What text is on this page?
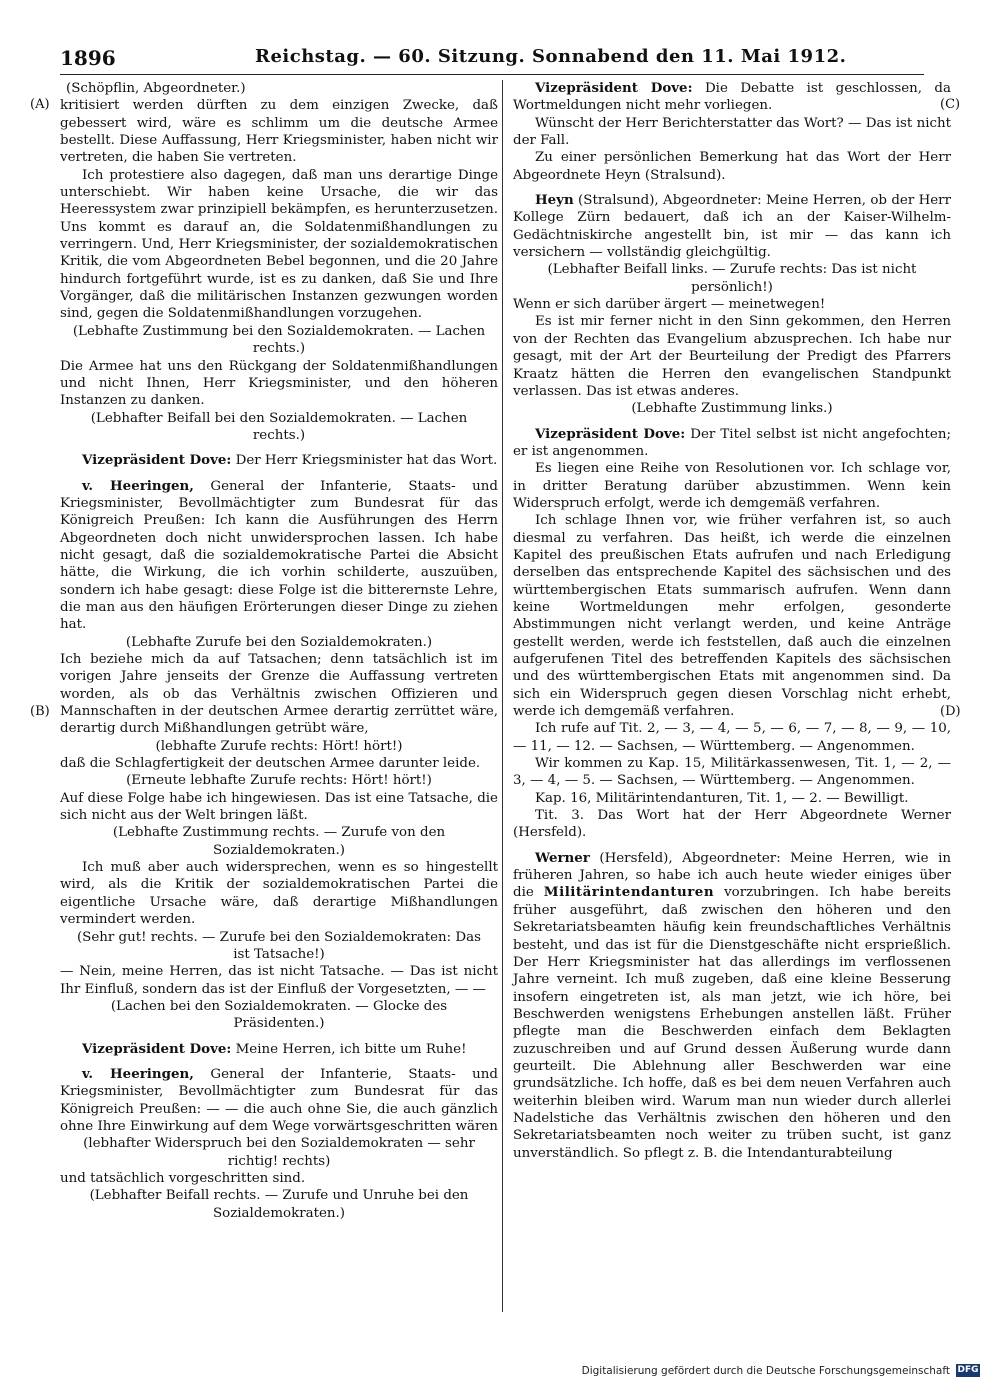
1896	Reichstag. — 60. Sitzung. Sonnabend den 11. Mai 1912.
(A)
(B)
(C)
(D)

(Schöpflin, Abgeordneter.)

kritisiert werden dürften zu dem einzigen Zwecke, daß gebessert wird, wäre es schlimm um die deutsche Armee bestellt. Diese Auffassung, Herr Kriegsminister, haben nicht wir vertreten, die haben Sie vertreten.

Ich protestiere also dagegen, daß man uns derartige Dinge unterschiebt. Wir haben keine Ursache, die wir das Heeressystem zwar prinzipiell bekämpfen, es herunterzusetzen. Uns kommt es darauf an, die Soldatenmißhandlungen zu verringern. Und, Herr Kriegsminister, der sozialdemokratischen Kritik, die vom Abgeordneten Bebel begonnen, und die 20 Jahre hindurch fortgeführt wurde, ist es zu danken, daß Sie und Ihre Vorgänger, daß die militärischen Instanzen gezwungen worden sind, gegen die Soldatenmißhandlungen vorzugehen.

(Lebhafte Zustimmung bei den Sozialdemokraten. — Lachen rechts.)

Die Armee hat uns den Rückgang der Soldatenmißhandlungen und nicht Ihnen, Herr Kriegsminister, und den höheren Instanzen zu danken.

(Lebhafter Beifall bei den Sozialdemokraten. — Lachen rechts.)

Vizepräsident Dove: Der Herr Kriegsminister hat das Wort.

v. Heeringen, General der Infanterie, Staats- und Kriegsminister, Bevollmächtigter zum Bundesrat für das Königreich Preußen: Ich kann die Ausführungen des Herrn Abgeordneten doch nicht unwidersprochen lassen. Ich habe nicht gesagt, daß die sozialdemokratische Partei die Absicht hätte, die Wirkung, die ich vorhin schilderte, auszuüben, sondern ich habe gesagt: diese Folge ist die bitterernste Lehre, die man aus den häufigen Erörterungen dieser Dinge zu ziehen hat.

(Lebhafte Zurufe bei den Sozialdemokraten.)

Ich beziehe mich da auf Tatsachen; denn tatsächlich ist im vorigen Jahre jenseits der Grenze die Auffassung vertreten worden, als ob das Verhältnis zwischen Offizieren und Mannschaften in der deutschen Armee derartig zerrüttet wäre, derartig durch Mißhandlungen getrübt wäre,

(lebhafte Zurufe rechts: Hört! hört!)

daß die Schlagfertigkeit der deutschen Armee darunter leide.

(Erneute lebhafte Zurufe rechts: Hört! hört!)

Auf diese Folge habe ich hingewiesen. Das ist eine Tatsache, die sich nicht aus der Welt bringen läßt.

(Lebhafte Zustimmung rechts. — Zurufe von den Sozialdemokraten.)

Ich muß aber auch widersprechen, wenn es so hingestellt wird, als die Kritik der sozialdemokratischen Partei die eigentliche Ursache wäre, daß derartige Mißhandlungen vermindert werden.

(Sehr gut! rechts. — Zurufe bei den Sozialdemokraten: Das ist Tatsache!)

— Nein, meine Herren, das ist nicht Tatsache. — Das ist nicht Ihr Einfluß, sondern das ist der Einfluß der Vorgesetzten, — —

(Lachen bei den Sozialdemokraten. — Glocke des Präsidenten.)

Vizepräsident Dove: Meine Herren, ich bitte um Ruhe!

v. Heeringen, General der Infanterie, Staats- und Kriegsminister, Bevollmächtigter zum Bundesrat für das Königreich Preußen: — — die auch ohne Sie, die auch gänzlich ohne Ihre Einwirkung auf dem Wege vorwärtsgeschritten wären

(lebhafter Widerspruch bei den Sozialdemokraten — sehr richtig! rechts)

und tatsächlich vorgeschritten sind.

(Lebhafter Beifall rechts. — Zurufe und Unruhe bei den Sozialdemokraten.)

Vizepräsident Dove: Die Debatte ist geschlossen, da Wortmeldungen nicht mehr vorliegen.

Wünscht der Herr Berichterstatter das Wort? — Das ist nicht der Fall.

Zu einer persönlichen Bemerkung hat das Wort der Herr Abgeordnete Heyn (Stralsund).

Heyn (Stralsund), Abgeordneter: Meine Herren, ob der Herr Kollege Zürn bedauert, daß ich an der Kaiser-Wilhelm-Gedächtniskirche angestellt bin, ist mir — das kann ich versichern — vollständig gleichgültig.

(Lebhafter Beifall links. — Zurufe rechts: Das ist nicht persönlich!)

Wenn er sich darüber ärgert — meinetwegen!

Es ist mir ferner nicht in den Sinn gekommen, den Herren von der Rechten das Evangelium abzusprechen. Ich habe nur gesagt, mit der Art der Beurteilung der Predigt des Pfarrers Kraatz hätten die Herren den evangelischen Standpunkt verlassen. Das ist etwas anderes.

(Lebhafte Zustimmung links.)

Vizepräsident Dove: Der Titel selbst ist nicht angefochten; er ist angenommen.

Es liegen eine Reihe von Resolutionen vor. Ich schlage vor, in dritter Beratung darüber abzustimmen. Wenn kein Widerspruch erfolgt, werde ich demgemäß verfahren.

Ich schlage Ihnen vor, wie früher verfahren ist, so auch diesmal zu verfahren. Das heißt, ich werde die einzelnen Kapitel des preußischen Etats aufrufen und nach Erledigung derselben das entsprechende Kapitel des sächsischen und des württembergischen Etats summarisch aufrufen. Wenn dann keine Wortmeldungen mehr erfolgen, gesonderte Abstimmungen nicht verlangt werden, und keine Anträge gestellt werden, werde ich feststellen, daß auch die einzelnen aufgerufenen Titel des betreffenden Kapitels des sächsischen und des württembergischen Etats mit angenommen sind. Da sich ein Widerspruch gegen diesen Vorschlag nicht erhebt, werde ich demgemäß verfahren.

Ich rufe auf Tit. 2, — 3, — 4, — 5, — 6, — 7, — 8, — 9, — 10, — 11, — 12. — Sachsen, — Württemberg. — Angenommen.

Wir kommen zu Kap. 15, Militärkassenwesen, Tit. 1, — 2, — 3, — 4, — 5. — Sachsen, — Württemberg. — Angenommen.

Kap. 16, Militärintendanturen, Tit. 1, — 2. — Bewilligt.

Tit. 3. Das Wort hat der Herr Abgeordnete Werner (Hersfeld).

Werner (Hersfeld), Abgeordneter: Meine Herren, wie in früheren Jahren, so habe ich auch heute wieder einiges über die Militärintendanturen vorzubringen. Ich habe bereits früher ausgeführt, daß zwischen den höheren und den Sekretariatsbeamten häufig kein freundschaftliches Verhältnis besteht, und das ist für die Dienstgeschäfte nicht ersprießlich. Der Herr Kriegsminister hat das allerdings im verflossenen Jahre verneint. Ich muß zugeben, daß eine kleine Besserung insofern eingetreten ist, als man jetzt, wie ich höre, bei Beschwerden wenigstens Erhebungen anstellen läßt. Früher pflegte man die Beschwerden einfach dem Beklagten zuzuschreiben und auf Grund dessen Äußerung wurde dann geurteilt. Die Ablehnung aller Beschwerden war eine grundsätzliche. Ich hoffe, daß es bei dem neuen Verfahren auch weiterhin bleiben wird. Warum man nun wieder durch allerlei Nadelstiche das Verhältnis zwischen den höheren und den Sekretariatsbeamten noch weiter zu trüben sucht, ist ganz unverständlich. So pflegt z. B. die Intendanturabteilung

Digitalisierung gefördert durch die Deutsche Forschungsgemeinschaft DFG
